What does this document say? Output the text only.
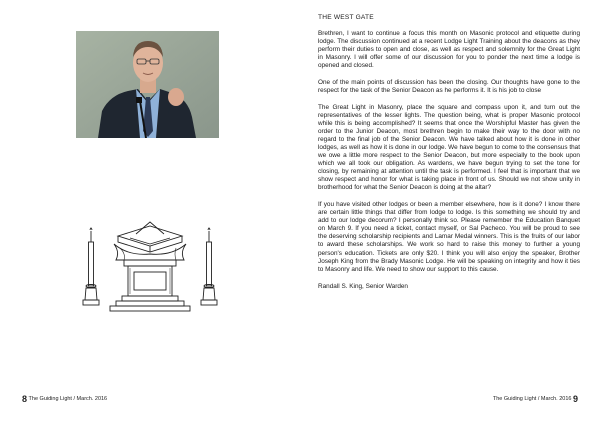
8 The Guiding Light / March. 2016
THE WEST GATE

Brethren, I want to continue a focus this month on Masonic protocol and etiquette during lodge. The discussion continued at a recent Lodge Light Training about the deacons as they perform their duties to open and close, as well as respect and solemnity for the Great Light in Masonry. I will offer some of our discussion for you to ponder the next time a lodge is opened and closed.

One of the main points of discussion has been the closing. Our thoughts have gone to the respect for the task of the Senior Deacon as he performs it. It is his job to close

The Great Light in Masonry, place the square and compass upon it, and turn out the representatives of the lesser lights. The question being, what is proper Masonic protocol while this is being accomplished? It seems that once the Worshipful Master has given the order to the Junior Deacon, most brethren begin to make their way to the door with no regard to the final job of the Senior Deacon. We have talked about how it is done in other lodges, as well as how it is done in our lodge. We have begun to come to the consensus that we owe a little more respect to the Senior Deacon, but more especially to the book upon which we all took our obligation. As wardens, we have begun trying to set the tone for closing, by remaining at attention until the task is performed. I feel that is important that we show respect and honor for what is taking place in front of us. Should we not show unity in brotherhood for what the Senior Deacon is doing at the altar?

If you have visited other lodges or been a member elsewhere, how is it done? I know there are certain little things that differ from lodge to lodge. Is this something we should try and add to our lodge decorum? I personally think so. Please remember the Education Banquet on March 9. If you need a ticket, contact myself, or Sal Pacheco. You will be proud to see the deserving scholarship recipients and Lamar Medal winners. This is the fruits of our labor to award these scholarships. We work so hard to raise this money to further a young person's education. Tickets are only $20. I think you will also enjoy the speaker, Brother Joseph King from the Brady Masonic Lodge. He will be speaking on integrity and how it ties to Masonry and life. We need to show our support to this cause.

Randall S. King, Senior Warden

The Guiding Light / March. 2016 9
